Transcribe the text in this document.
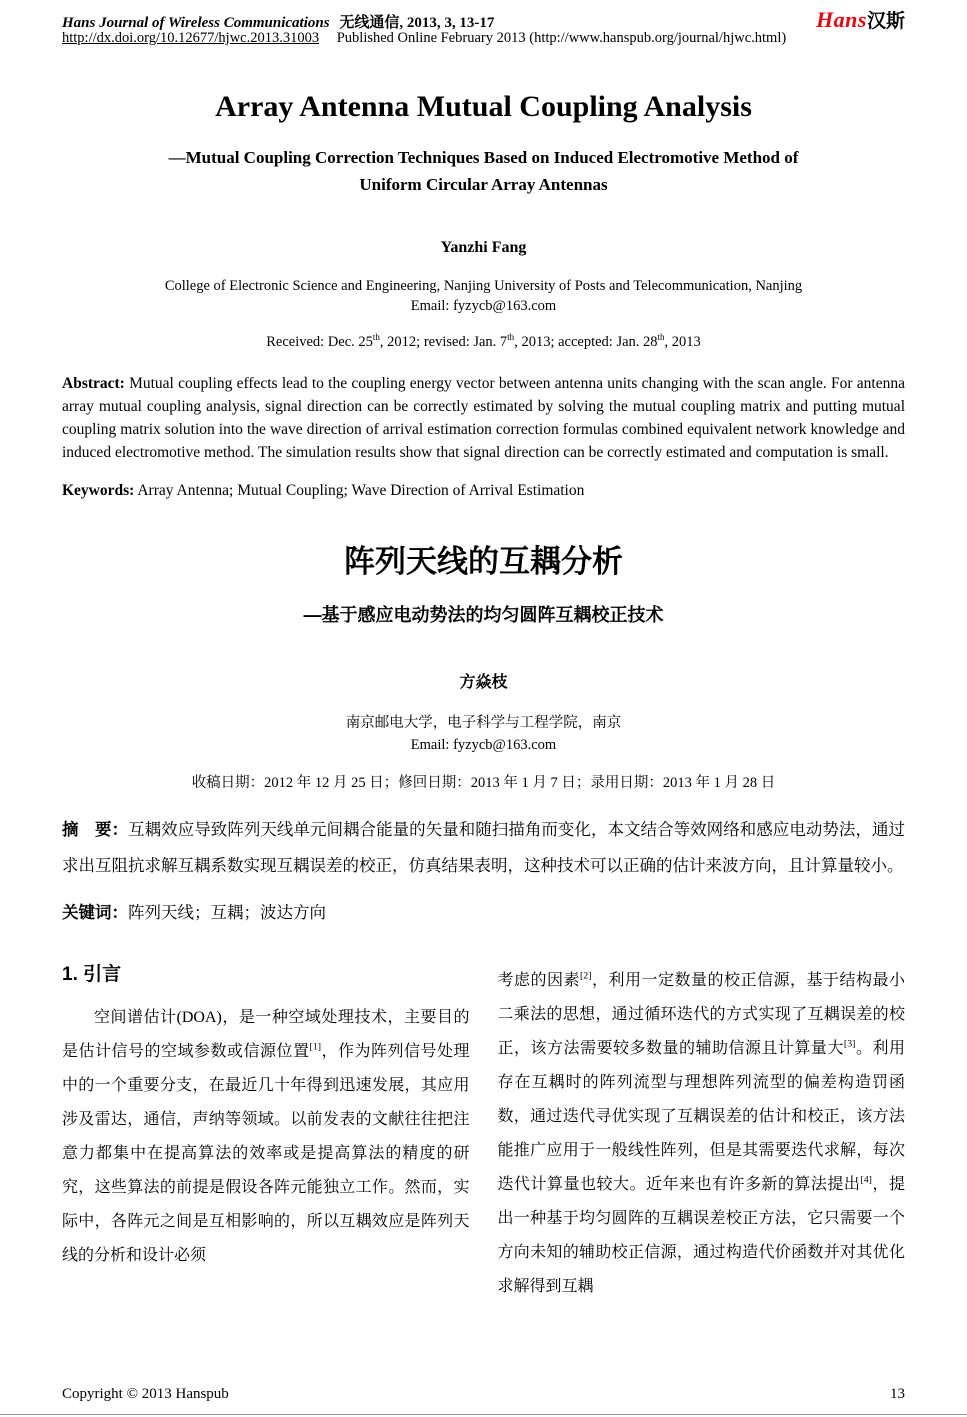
Hans Journal of Wireless Communications 无线通信, 2013, 3, 13-17	Hans汉斯
http://dx.doi.org/10.12677/hjwc.2013.31003 Published Online February 2013 (http://www.hanspub.org/journal/hjwc.html)
Array Antenna Mutual Coupling Analysis
—Mutual Coupling Correction Techniques Based on Induced Electromotive Method of
Uniform Circular Array Antennas
Yanzhi Fang
College of Electronic Science and Engineering, Nanjing University of Posts and Telecommunication, Nanjing
Email: fyzycb@163.com
Received: Dec. 25th, 2012; revised: Jan. 7th, 2013; accepted: Jan. 28th, 2013

Abstract: Mutual coupling effects lead to the coupling energy vector between antenna units changing with the scan angle. For antenna array mutual coupling analysis, signal direction can be correctly estimated by solving the mutual coupling matrix and putting mutual coupling matrix solution into the wave direction of arrival estimation correction formulas combined equivalent network knowledge and induced electromotive method. The simulation results show that signal direction can be correctly estimated and computation is small.

Keywords: Array Antenna; Mutual Coupling; Wave Direction of Arrival Estimation

阵列天线的互耦分析
—基于感应电动势法的均匀圆阵互耦校正技术
方焱枝
南京邮电大学，电子科学与工程学院，南京
Email: fyzycb@163.com
收稿日期：2012 年 12 月 25 日；修回日期：2013 年 1 月 7 日；录用日期：2013 年 1 月 28 日

摘　要：互耦效应导致阵列天线单元间耦合能量的矢量和随扫描角而变化，本文结合等效网络和感应电动势法，通过求出互阻抗求解互耦系数实现互耦误差的校正，仿真结果表明，这种技术可以正确的估计来波方向，且计算量较小。

关键词：阵列天线；互耦；波达方向

1. 引言

空间谱估计(DOA)，是一种空域处理技术，主要目的是估计信号的空域参数或信源位置[1]，作为阵列信号处理中的一个重要分支，在最近几十年得到迅速发展，其应用涉及雷达，通信，声纳等领域。以前发表的文献往往把注意力都集中在提高算法的效率或是提高算法的精度的研究，这些算法的前提是假设各阵元能独立工作。然而，实际中，各阵元之间是互相影响的，所以互耦效应是阵列天线的分析和设计必须

考虑的因素[2]，利用一定数量的校正信源，基于结构最小二乘法的思想，通过循环迭代的方式实现了互耦误差的校正，该方法需要较多数量的辅助信源且计算量大[3]。利用存在互耦时的阵列流型与理想阵列流型的偏差构造罚函数，通过迭代寻优实现了互耦误差的估计和校正，该方法能推广应用于一般线性阵列，但是其需要迭代求解，每次迭代计算量也较大。近年来也有许多新的算法提出[4]，提出一种基于均匀圆阵的互耦误差校正方法，它只需要一个方向未知的辅助校正信源，通过构造代价函数并对其优化求解得到互耦

Copyright © 2013 Hanspub	13
